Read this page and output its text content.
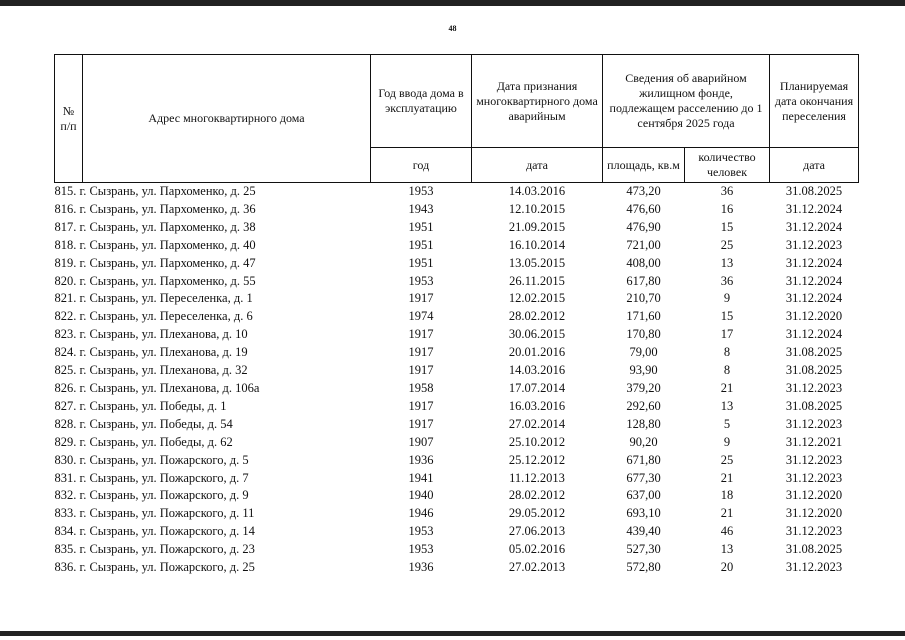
48
№ п/п	Адрес многоквартирного дома	Год ввода дома в эксплуатацию	Дата признания многоквартирного дома аварийным	Сведения об аварийном жилищном фонде, подлежащем расселению до 1 сентября 2025 года		Планируемая дата окончания переселения
		год	дата	площадь, кв.м	количество человек	дата
815. г. Сызрань, ул. Пархоменко, д. 25		1953	14.03.2016	473,20	36	31.08.2025
816. г. Сызрань, ул. Пархоменко, д. 36		1943	12.10.2015	476,60	16	31.12.2024
817. г. Сызрань, ул. Пархоменко, д. 38		1951	21.09.2015	476,90	15	31.12.2024
818. г. Сызрань, ул. Пархоменко, д. 40		1951	16.10.2014	721,00	25	31.12.2023
819. г. Сызрань, ул. Пархоменко, д. 47		1951	13.05.2015	408,00	13	31.12.2024
820. г. Сызрань, ул. Пархоменко, д. 55		1953	26.11.2015	617,80	36	31.12.2024
821. г. Сызрань, ул. Переселенка, д. 1		1917	12.02.2015	210,70	9	31.12.2024
822. г. Сызрань, ул. Переселенка, д. 6		1974	28.02.2012	171,60	15	31.12.2020
823. г. Сызрань, ул. Плеханова, д. 10		1917	30.06.2015	170,80	17	31.12.2024
824. г. Сызрань, ул. Плеханова, д. 19		1917	20.01.2016	79,00	8	31.08.2025
825. г. Сызрань, ул. Плеханова, д. 32		1917	14.03.2016	93,90	8	31.08.2025
826. г. Сызрань, ул. Плеханова, д. 106а		1958	17.07.2014	379,20	21	31.12.2023
827. г. Сызрань, ул. Победы, д. 1		1917	16.03.2016	292,60	13	31.08.2025
828. г. Сызрань, ул. Победы, д. 54		1917	27.02.2014	128,80	5	31.12.2023
829. г. Сызрань, ул. Победы, д. 62		1907	25.10.2012	90,20	9	31.12.2021
830. г. Сызрань, ул. Пожарского, д. 5		1936	25.12.2012	671,80	25	31.12.2023
831. г. Сызрань, ул. Пожарского, д. 7		1941	11.12.2013	677,30	21	31.12.2023
832. г. Сызрань, ул. Пожарского, д. 9		1940	28.02.2012	637,00	18	31.12.2020
833. г. Сызрань, ул. Пожарского, д. 11		1946	29.05.2012	693,10	21	31.12.2020
834. г. Сызрань, ул. Пожарского, д. 14		1953	27.06.2013	439,40	46	31.12.2023
835. г. Сызрань, ул. Пожарского, д. 23		1953	05.02.2016	527,30	13	31.08.2025
836. г. Сызрань, ул. Пожарского, д. 25		1936	27.02.2013	572,80	20	31.12.2023
